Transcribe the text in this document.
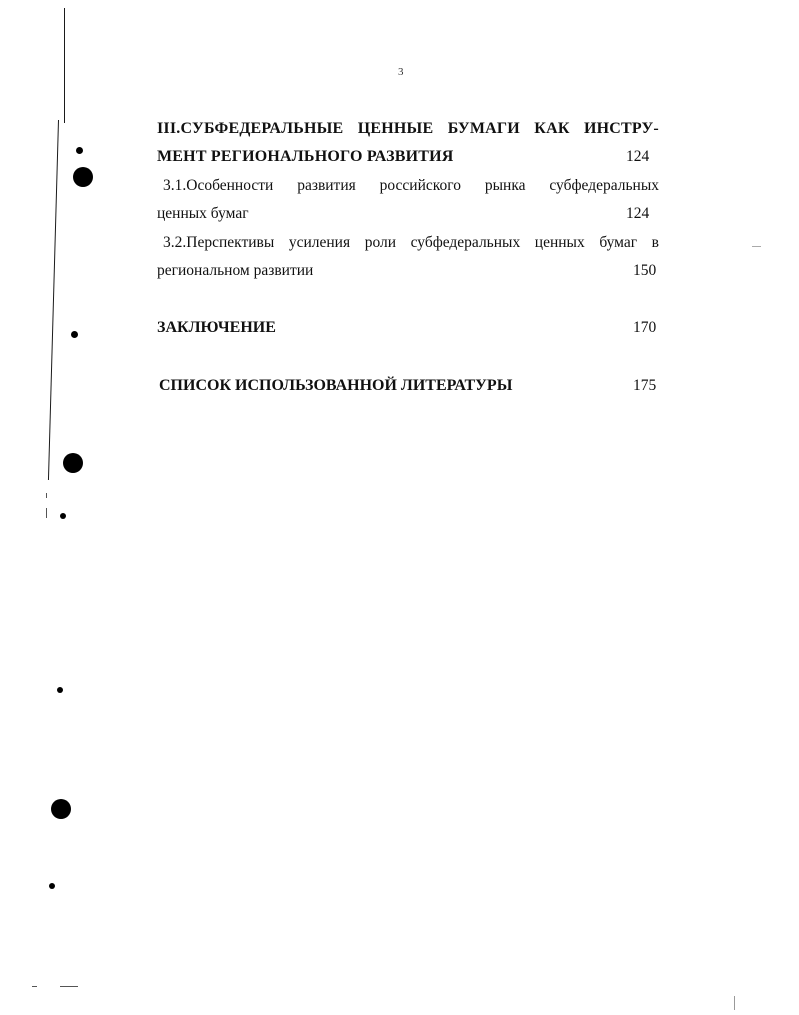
3
III.СУБФЕДЕРАЛЬНЫЕ ЦЕННЫЕ БУМАГИ КАК ИНСТРУ-
МЕНТ РЕГИОНАЛЬНОГО РАЗВИТИЯ	124
3.1.Особенности развития российского рынка субфедеральных
ценных бумаг	124
3.2.Перспективы усиления роли субфедеральных ценных бумаг в
региональном развитии	150
ЗАКЛЮЧЕНИЕ	170
СПИСОК ИСПОЛЬЗОВАННОЙ ЛИТЕРАТУРЫ	175
